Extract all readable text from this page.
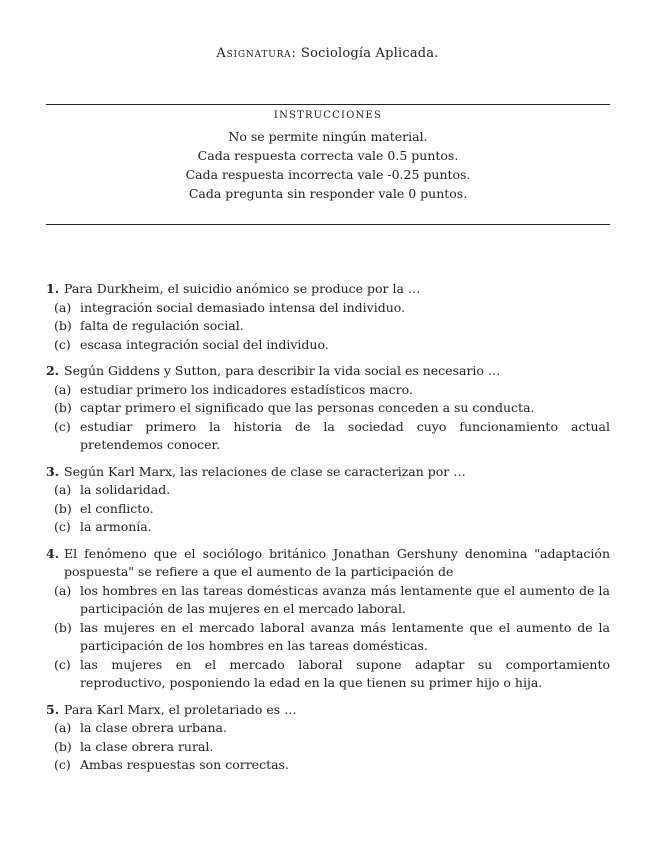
Asignatura: Sociología Aplicada.
INSTRUCCIONES
No se permite ningún material.
Cada respuesta correcta vale 0.5 puntos.
Cada respuesta incorrecta vale -0.25 puntos.
Cada pregunta sin responder vale 0 puntos.
1. Para Durkheim, el suicidio anómico se produce por la …
(a) integración social demasiado intensa del individuo.
(b) falta de regulación social.
(c) escasa integración social del individuo.
2. Según Giddens y Sutton, para describir la vida social es necesario …
(a) estudiar primero los indicadores estadísticos macro.
(b) captar primero el significado que las personas conceden a su conducta.
(c) estudiar primero la historia de la sociedad cuyo funcionamiento actual pretendemos conocer.
3. Según Karl Marx, las relaciones de clase se caracterizan por …
(a) la solidaridad.
(b) el conflicto.
(c) la armonía.
4. El fenómeno que el sociólogo británico Jonathan Gershuny denomina "adaptación pospuesta" se refiere a que el aumento de la participación de
(a) los hombres en las tareas domésticas avanza más lentamente que el aumento de la participación de las mujeres en el mercado laboral.
(b) las mujeres en el mercado laboral avanza más lentamente que el aumento de la participación de los hombres en las tareas domésticas.
(c) las mujeres en el mercado laboral supone adaptar su comportamiento reproductivo, posponiendo la edad en la que tienen su primer hijo o hija.
5. Para Karl Marx, el proletariado es …
(a) la clase obrera urbana.
(b) la clase obrera rural.
(c) Ambas respuestas son correctas.
